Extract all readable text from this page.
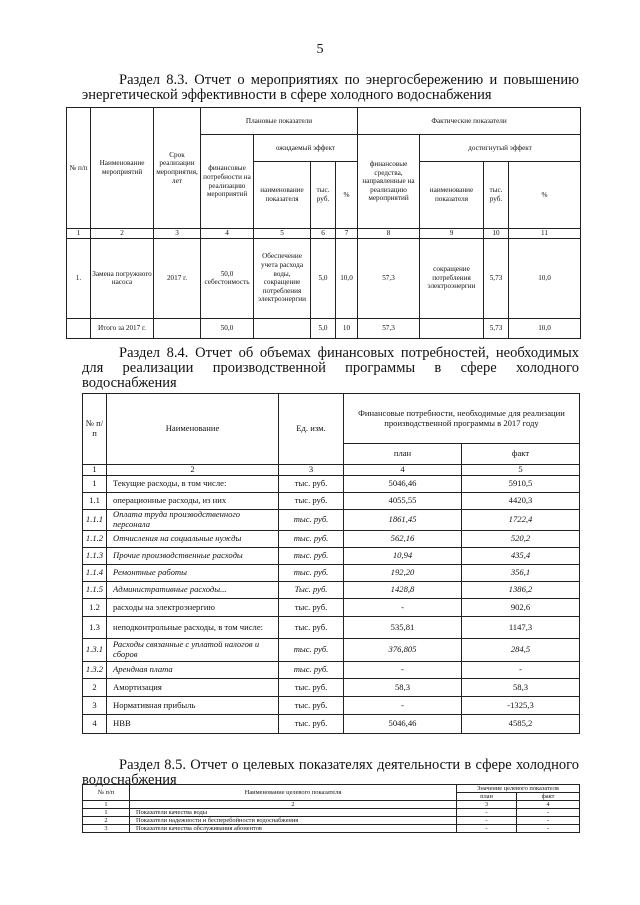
5
Раздел 8.3. Отчет о мероприятиях по энергосбережению и повышению энергетической эффективности в сфере холодного водоснабжения
№ п/п	Наименование мероприятий	Срок реализации мероприятия, лет	Плановые показатели				Фактические показатели			
			финансовые потребности на реализацию мероприятий	ожидаемый эффект			финансовые средства, направленные на реализацию мероприятий	достигнутый эффект		
				наименование показателя	тыс. руб.	%		наименование показателя	тыс. руб.	%
1	2	3	4	5	6	7	8	9	10	11
1.	Замена погружного насоса	2017 г.	50,0 себестоимость	Обеспечение учета расхода воды, сокращение потребления электроэнергии	5,0	10,0	57,3	сокращение потребления электроэнергии	5,73	10,0
	Итого за 2017 г.		50,0		5,0	10	57,3		5,73	10,0
Раздел 8.4. Отчет об объемах финансовых потребностей, необходимых для реализации производственной программы в сфере холодного водоснабжения
№ п/п	Наименование	Ед. изм.	Финансовые потребности, необходимые для реализации производственной программы в 2017 году	
			план	факт
1	2	3	4	5
1	Текущие расходы, в том числе:	тыс. руб.	5046,46	5910,5
1.1	операционные расходы, из них	тыс. руб.	4055,55	4420,3
1.1.1	Оплата труда производственного персонала	тыс. руб.	1861,45	1722,4
1.1.2	Отчисления на социальные нужды	тыс. руб.	562,16	520,2
1.1.3	Прочие производственные расходы	тыс. руб.	10,94	435,4
1.1.4	Ремонтные работы	тыс. руб.	192,20	356,1
1.1.5	Административные расходы...	Тыс. руб.	1428,8	1386,2
1.2	расходы на электроэнергию	тыс. руб.	-	902,6
1.3	неподконтрольные расходы, в том числе:	тыс. руб.	535,81	1147,3
1.3.1	Расходы связанные с уплатой налогов и сборов	тыс. руб.	376,805	284,5
1.3.2	Арендная плата	тыс. руб.	-	-
2	Амортизация	тыс. руб.	58,3	58,3
3	Нормативная прибыль	тыс. руб.	-	-1325,3
4	НВВ	тыс. руб.	5046,46	4585,2
Раздел 8.5. Отчет о целевых показателях деятельности в сфере холодного водоснабжения
№ п/п	Наименование целевого показателя	Значение целевого показателя	
		план	факт
1	2	3	4
1	Показатели качества воды	-	-
2	Показатели надежности и бесперебойности водоснабжения	-	-
3	Показатели качества обслуживания абонентов	-	-
